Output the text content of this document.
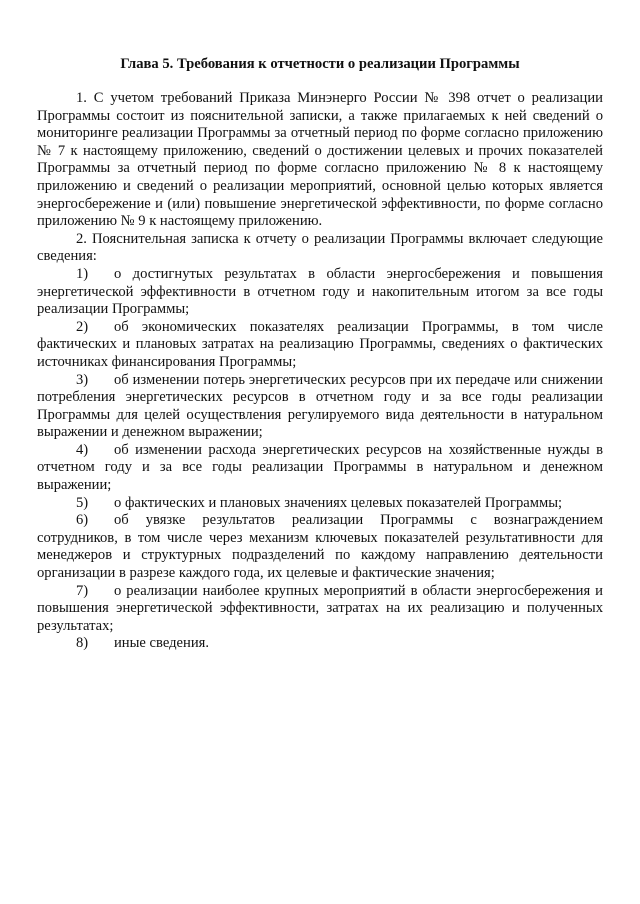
Глава 5. Требования к отчетности о реализации Программы

1. С учетом требований Приказа Минэнерго России № 398 отчет о реализации Программы состоит из пояснительной записки, а также прилагаемых к ней сведений о мониторинге реализации Программы за отчетный период по форме согласно приложению № 7 к настоящему приложению, сведений о достижении целевых и прочих показателей Программы за отчетный период по форме согласно приложению № 8 к настоящему приложению и сведений о реализации мероприятий, основной целью которых является энергосбережение и (или) повышение энергетической эффективности, по форме согласно приложению № 9 к настоящему приложению.

2. Пояснительная записка к отчету о реализации Программы включает следующие сведения:

1) о достигнутых результатах в области энергосбережения и повышения энергетической эффективности в отчетном году и накопительным итогом за все годы реализации Программы;

2) об экономических показателях реализации Программы, в том числе фактических и плановых затратах на реализацию Программы, сведениях о фактических источниках финансирования Программы;

3) об изменении потерь энергетических ресурсов при их передаче или снижении потребления энергетических ресурсов в отчетном году и за все годы реализации Программы для целей осуществления регулируемого вида деятельности в натуральном выражении и денежном выражении;

4) об изменении расхода энергетических ресурсов на хозяйственные нужды в отчетном году и за все годы реализации Программы в натуральном и денежном выражении;

5) о фактических и плановых значениях целевых показателей Программы;

6) об увязке результатов реализации Программы с вознаграждением сотрудников, в том числе через механизм ключевых показателей результативности для менеджеров и структурных подразделений по каждому направлению деятельности организации в разрезе каждого года, их целевые и фактические значения;

7) о реализации наиболее крупных мероприятий в области энергосбережения и повышения энергетической эффективности, затратах на их реализацию и полученных результатах;

8) иные сведения.
